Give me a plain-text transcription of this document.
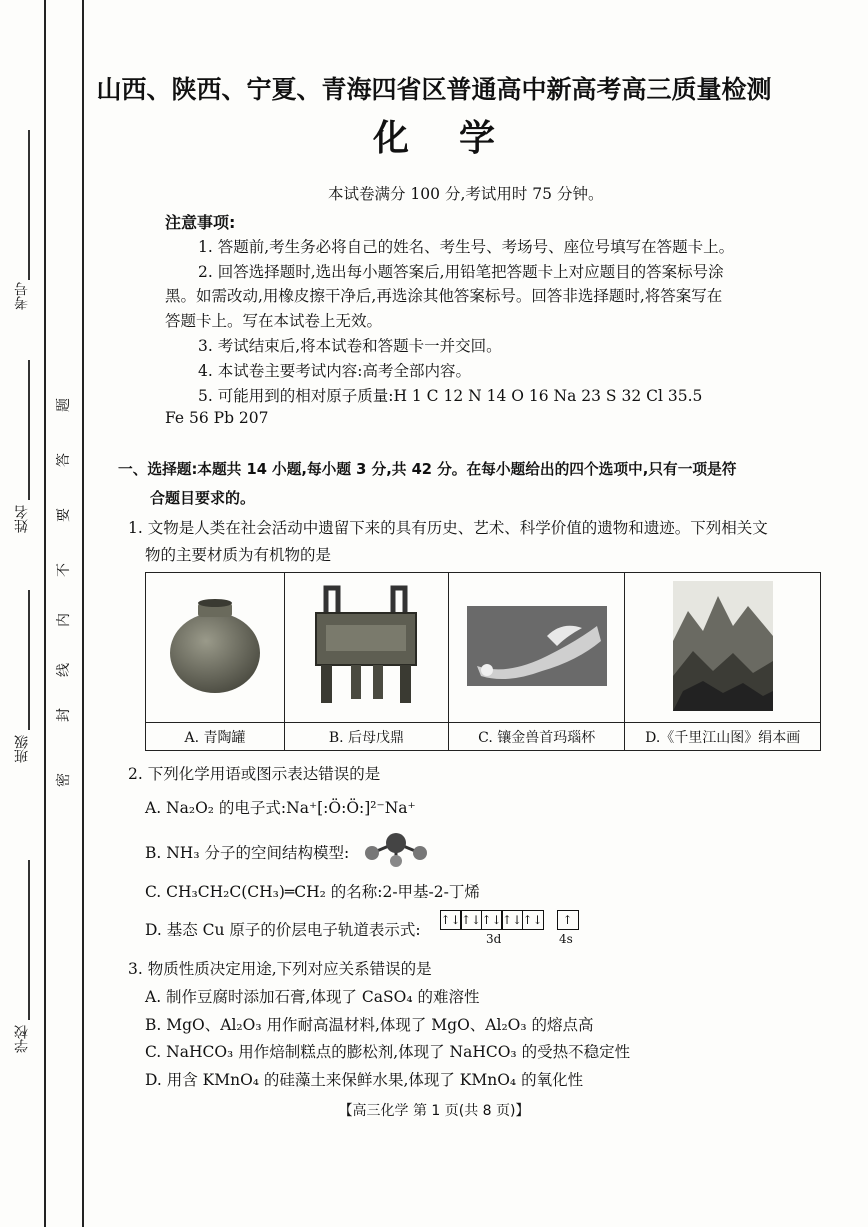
考号
姓名
班级
学校
密
封
线
内
不
要
答
题
山西、陕西、宁夏、青海四省区普通高中新高考高三质量检测
化学
本试卷满分 100 分,考试用时 75 分钟。
注意事项:
1. 答题前,考生务必将自己的姓名、考生号、考场号、座位号填写在答题卡上。
2. 回答选择题时,选出每小题答案后,用铅笔把答题卡上对应题目的答案标号涂
黑。如需改动,用橡皮擦干净后,再选涂其他答案标号。回答非选择题时,将答案写在
答题卡上。写在本试卷上无效。
3. 考试结束后,将本试卷和答题卡一并交回。
4. 本试卷主要考试内容:高考全部内容。
5. 可能用到的相对原子质量:H 1 C 12 N 14 O 16 Na 23 S 32 Cl 35.5
Fe 56 Pb 207
一、选择题:本题共 14 小题,每小题 3 分,共 42 分。在每小题给出的四个选项中,只有一项是符
合题目要求的。
1. 文物是人类在社会活动中遗留下来的具有历史、艺术、科学价值的遗物和遗迹。下列相关文
物的主要材质为有机物的是

A. 青陶罐	B. 后母戊鼎	C. 镶金兽首玛瑙杯	D.《千里江山图》绢本画
2. 下列化学用语或图示表达错误的是
A. Na₂O₂ 的电子式:Na⁺[:Ö:Ö:]²⁻Na⁺
B. NH₃ 分子的空间结构模型:
C. CH₃CH₂C(CH₃)═CH₂ 的名称:2-甲基-2-丁烯
D. 基态 Cu 原子的价层电子轨道表示式:
↑↓↑↓↑↓↑↓↑↓	↑
3d	4s
3. 物质性质决定用途,下列对应关系错误的是
A. 制作豆腐时添加石膏,体现了 CaSO₄ 的难溶性
B. MgO、Al₂O₃ 用作耐高温材料,体现了 MgO、Al₂O₃ 的熔点高
C. NaHCO₃ 用作焙制糕点的膨松剂,体现了 NaHCO₃ 的受热不稳定性
D. 用含 KMnO₄ 的硅藻土来保鲜水果,体现了 KMnO₄ 的氧化性
【高三化学 第 1 页(共 8 页)】
